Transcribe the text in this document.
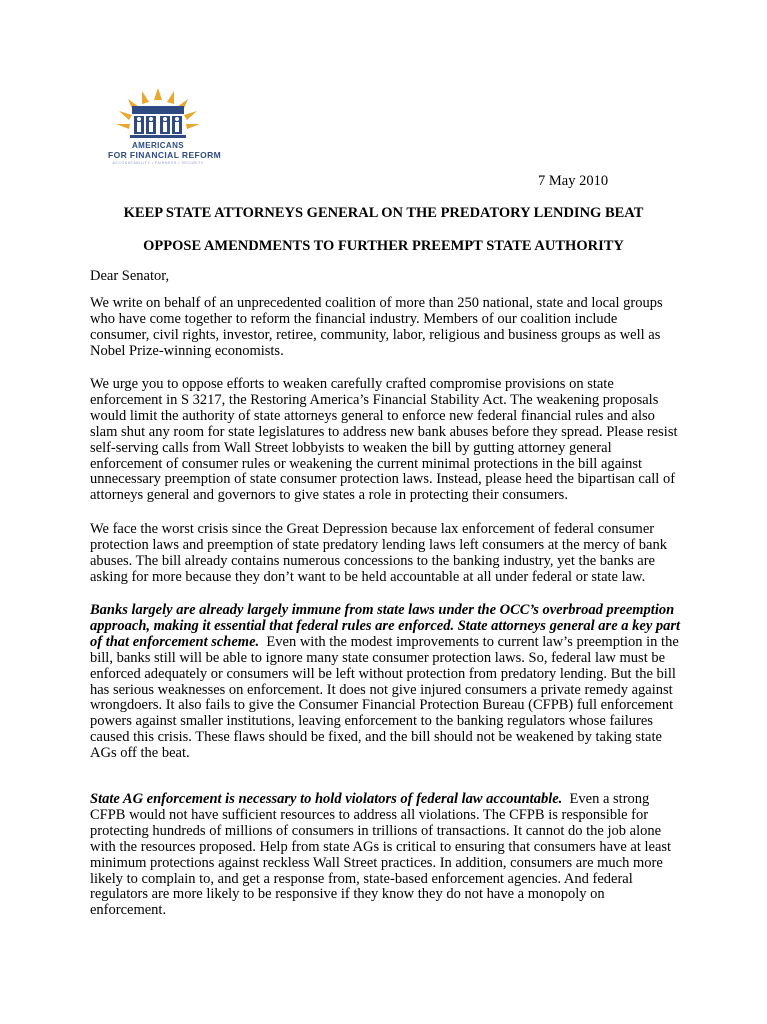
AMERICANS
FOR FINANCIAL REFORM
ACCOUNTABILITY • FAIRNESS • SECURITY
7 May 2010
KEEP STATE ATTORNEYS GENERAL ON THE PREDATORY LENDING BEAT
OPPOSE AMENDMENTS TO FURTHER PREEMPT STATE AUTHORITY
Dear Senator,

We write on behalf of an unprecedented coalition of more than 250 national, state and local groups
who have come together to reform the financial industry. Members of our coalition include
consumer, civil rights, investor, retiree, community, labor, religious and business groups as well as
Nobel Prize-winning economists.

We urge you to oppose efforts to weaken carefully crafted compromise provisions on state
enforcement in S 3217, the Restoring America’s Financial Stability Act. The weakening proposals
would limit the authority of state attorneys general to enforce new federal financial rules and also
slam shut any room for state legislatures to address new bank abuses before they spread. Please resist
self-serving calls from Wall Street lobbyists to weaken the bill by gutting attorney general
enforcement of consumer rules or weakening the current minimal protections in the bill against
unnecessary preemption of state consumer protection laws. Instead, please heed the bipartisan call of
attorneys general and governors to give states a role in protecting their consumers.

We face the worst crisis since the Great Depression because lax enforcement of federal consumer
protection laws and preemption of state predatory lending laws left consumers at the mercy of bank
abuses. The bill already contains numerous concessions to the banking industry, yet the banks are
asking for more because they don’t want to be held accountable at all under federal or state law.

Banks largely are already largely immune from state laws under the OCC’s overbroad preemption
approach, making it essential that federal rules are enforced. State attorneys general are a key part
of that enforcement scheme.  Even with the modest improvements to current law’s preemption in the
bill, banks still will be able to ignore many state consumer protection laws. So, federal law must be
enforced adequately or consumers will be left without protection from predatory lending. But the bill
has serious weaknesses on enforcement. It does not give injured consumers a private remedy against
wrongdoers. It also fails to give the Consumer Financial Protection Bureau (CFPB) full enforcement
powers against smaller institutions, leaving enforcement to the banking regulators whose failures
caused this crisis. These flaws should be fixed, and the bill should not be weakened by taking state
AGs off the beat.

State AG enforcement is necessary to hold violators of federal law accountable.  Even a strong
CFPB would not have sufficient resources to address all violations. The CFPB is responsible for
protecting hundreds of millions of consumers in trillions of transactions. It cannot do the job alone
with the resources proposed. Help from state AGs is critical to ensuring that consumers have at least
minimum protections against reckless Wall Street practices. In addition, consumers are much more
likely to complain to, and get a response from, state-based enforcement agencies. And federal
regulators are more likely to be responsive if they know they do not have a monopoly on
enforcement.
